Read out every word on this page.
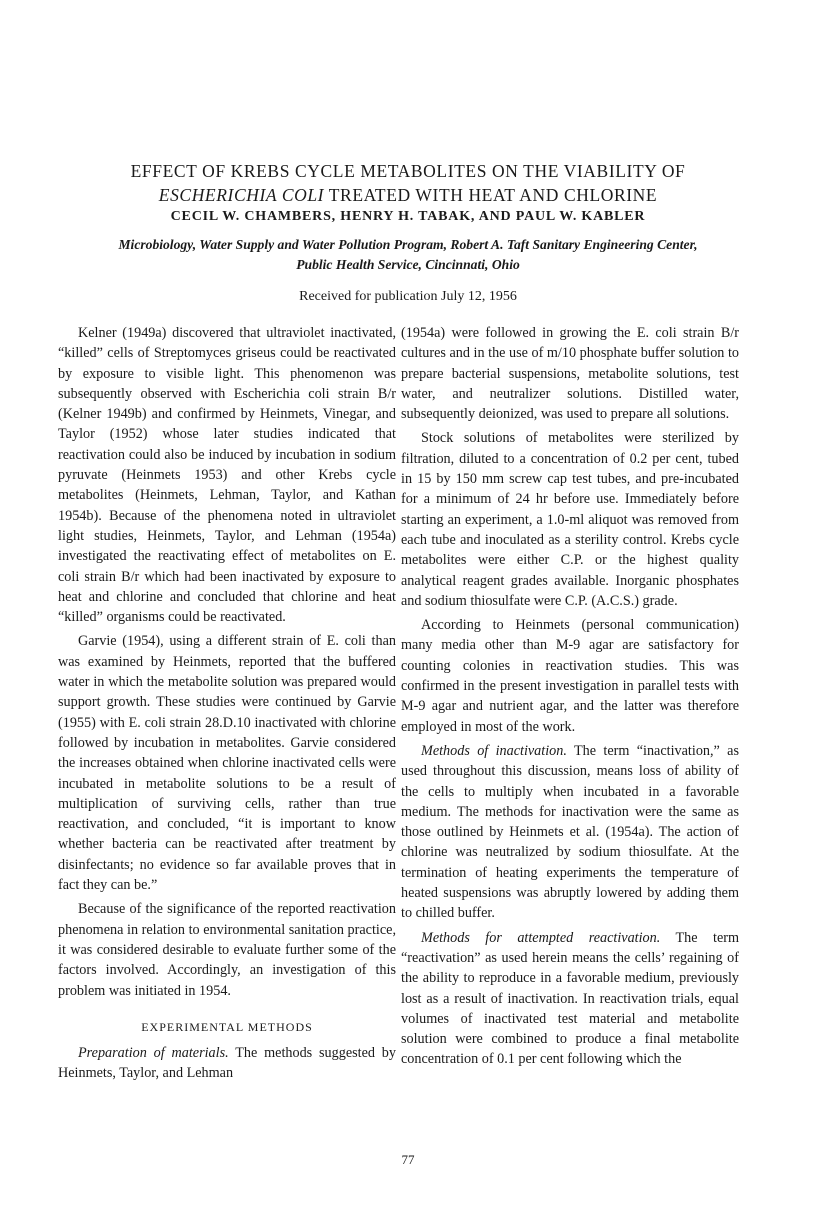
EFFECT OF KREBS CYCLE METABOLITES ON THE VIABILITY OF
ESCHERICHIA COLI TREATED WITH HEAT AND CHLORINE

CECIL W. CHAMBERS, HENRY H. TABAK, AND PAUL W. KABLER

Microbiology, Water Supply and Water Pollution Program, Robert A. Taft Sanitary Engineering Center,
Public Health Service, Cincinnati, Ohio

Received for publication July 12, 1956

Kelner (1949a) discovered that ultraviolet inactivated, “killed” cells of Streptomyces griseus could be reactivated by exposure to visible light. This phenomenon was subsequently observed with Escherichia coli strain B/r (Kelner 1949b) and confirmed by Heinmets, Vinegar, and Taylor (1952) whose later studies indicated that reactivation could also be induced by incubation in sodium pyruvate (Heinmets 1953) and other Krebs cycle metabolites (Heinmets, Lehman, Taylor, and Kathan 1954b). Because of the phenomena noted in ultraviolet light studies, Heinmets, Taylor, and Lehman (1954a) investigated the reactivating effect of metabolites on E. coli strain B/r which had been inactivated by exposure to heat and chlorine and concluded that chlorine and heat “killed” organisms could be reactivated.

Garvie (1954), using a different strain of E. coli than was examined by Heinmets, reported that the buffered water in which the metabolite solution was prepared would support growth. These studies were continued by Garvie (1955) with E. coli strain 28.D.10 inactivated with chlorine followed by incubation in metabolites. Garvie considered the increases obtained when chlorine inactivated cells were incubated in metabolite solutions to be a result of multiplication of surviving cells, rather than true reactivation, and concluded, “it is important to know whether bacteria can be reactivated after treatment by disinfectants; no evidence so far available proves that in fact they can be.”

Because of the significance of the reported reactivation phenomena in relation to environmental sanitation practice, it was considered desirable to evaluate further some of the factors involved. Accordingly, an investigation of this problem was initiated in 1954.

EXPERIMENTAL METHODS

Preparation of materials. The methods suggested by Heinmets, Taylor, and Lehman

(1954a) were followed in growing the E. coli strain B/r cultures and in the use of m/10 phosphate buffer solution to prepare bacterial suspensions, metabolite solutions, test water, and neutralizer solutions. Distilled water, subsequently deionized, was used to prepare all solutions.

Stock solutions of metabolites were sterilized by filtration, diluted to a concentration of 0.2 per cent, tubed in 15 by 150 mm screw cap test tubes, and pre-incubated for a minimum of 24 hr before use. Immediately before starting an experiment, a 1.0-ml aliquot was removed from each tube and inoculated as a sterility control. Krebs cycle metabolites were either C.P. or the highest quality analytical reagent grades available. Inorganic phosphates and sodium thiosulfate were C.P. (A.C.S.) grade.

According to Heinmets (personal communication) many media other than M-9 agar are satisfactory for counting colonies in reactivation studies. This was confirmed in the present investigation in parallel tests with M-9 agar and nutrient agar, and the latter was therefore employed in most of the work.

Methods of inactivation. The term “inactivation,” as used throughout this discussion, means loss of ability of the cells to multiply when incubated in a favorable medium. The methods for inactivation were the same as those outlined by Heinmets et al. (1954a). The action of chlorine was neutralized by sodium thiosulfate. At the termination of heating experiments the temperature of heated suspensions was abruptly lowered by adding them to chilled buffer.

Methods for attempted reactivation. The term “reactivation” as used herein means the cells’ regaining of the ability to reproduce in a favorable medium, previously lost as a result of inactivation. In reactivation trials, equal volumes of inactivated test material and metabolite solution were combined to produce a final metabolite concentration of 0.1 per cent following which the

77
